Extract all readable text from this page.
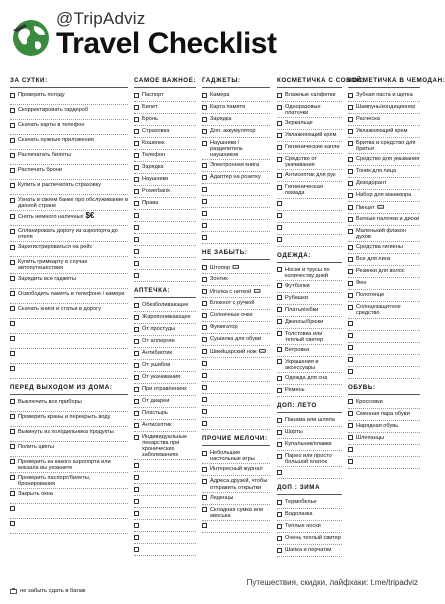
@TripAdviz
Travel Checklist
ЗА СУТКИ:
Проверить погоду
Скорректировать гардероб
Скачать карты в телефон
Скачать нужные приложения
Распечатать билеты
Распечать брони
Купить и распечатать страховку
Узнать в своем банке про обслуживание в данной стране
Снять немного наличных $€
Спланировать дорогу из аэропорта до отеля
Зарегистрироваться на рейс
Купить гримкарту в случае автопутешествия
Зарядить все гаджеты
Освободить память в телефоне / камере
Скачать книги и статьи в дорогу
ПЕРЕД ВЫХОДОМ ИЗ ДОМА:
Выключить все приборы
Проверить краны и перекрыть воду
Выкинуть из холодильника продукты
Полить цветы
Проверить из какого аэропорта или вокзала вы уезжаете
Проверить паспорт/билеты, бронирования
Закрыть окна
САМОЕ ВАЖНОЕ:
Паспорт
Билет
Бронь
Страховка
Кошелек
Телефон
Зарядка
Наушники
Powerbank
Права
АПТЕЧКА:
Обезболивающее
Жаропонижающее
От простуды
От аллергии
Антибиотик
От ушибов
От укачивания
При отравлениях
От диареи
Пластырь
Антисептик
Индивидуальные лекарства при хронических заболеваниях
ГАДЖЕТЫ:
Камера
Карта памяти
Зарядка
Доп. аккумулятор
Наушники / разделитель наушников
Электронная книга
Адаптер на розетку
НЕ ЗАБЫТЬ:
Штопор ▭
Зонтик
Иголка с ниткой ▭
Блокнот с ручкой
Солнечные очки
Фумигатор
Сушилка для обуви
Швейцарский нож ▭
ПРОЧИЕ МЕЛОЧИ:
Небольшие настольные игры
Интересный журнал
Адреса друзей, чтобы отправить открытки
Леденцы
Складная сумка или авоська
КОСМЕТИЧКА С СОБОЙ:
Влажные салфетки
Одноразовые платочки
Зеркальце
Увлажняющий крем
Гигиенические капли
Средство от укачивания
Антисептик для рук
Гигиеническая помада
ОДЕЖДА:
Носки и трусы по количеству дней
Футболки
Рубашки
Платья/юбки
Джинсы/брюки
Толстовка или теплый свитер
Ветровка
Украшения и аксессуары
Одежда для сна
Ремень
ДОП: ЛЕТО
Панама или шляпа
Шорты
Купальник/плавки
Парео или просто большой платок
ДОП : ЗИМА
Термобелье
Водолазка
Теплые носки
Очень теплый свитер
Шапка и перчатки
КОСМЕТИЧКА В ЧЕМОДАН:
Зубная паста и щетка
Шампунь/кондиционер
Расческа
Увлажняющий крем
Бритва и средство для бритья
Средство для умывания
Тоник для лица
Дезодорант
Набор для маникюра
Пинцет ▭
Ватные палочки и диски
Маленький флакон духов
Средства гигиены
Все для линз
Резинки для волос
Фен
Полотенце
Солнцезащитное средство
ОБУВЬ:
Кроссовки
Сменная пара обуви
Нарядная обувь
Шлепанцы
не забыть сдать в багаж
Путешествия, скидки, лайфхаки: t.me/tripadviz
